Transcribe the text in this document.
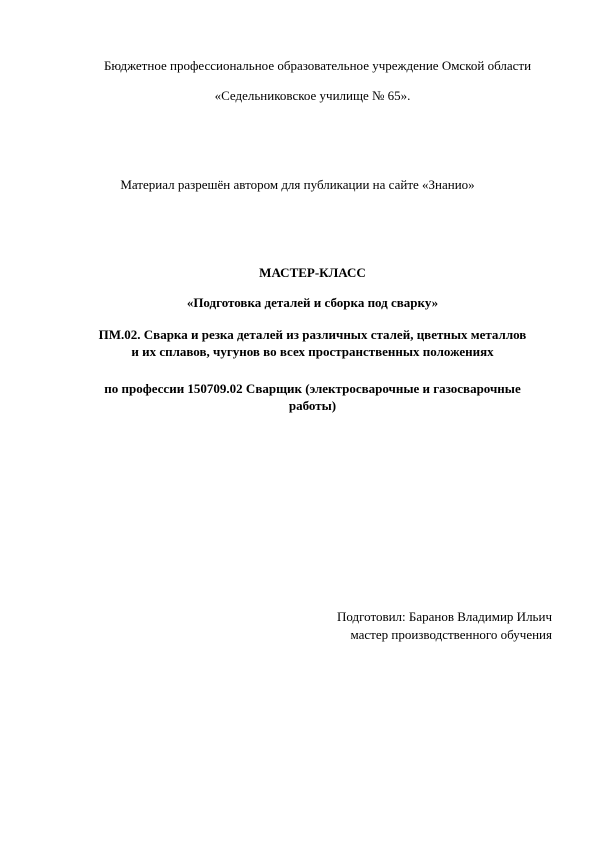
Бюджетное профессиональное образовательное учреждение Омской области
«Седельниковское училище № 65».
Материал разрешён автором для публикации на сайте «Знанио»
МАСТЕР-КЛАСС
«Подготовка деталей и сборка под сварку»
ПМ.02. Сварка и резка деталей из различных сталей, цветных металлов
и их сплавов, чугунов во всех пространственных положениях
по профессии 150709.02 Сварщик (электросварочные и газосварочные
работы)
Подготовил: Баранов Владимир Ильич
мастер производственного обучения
